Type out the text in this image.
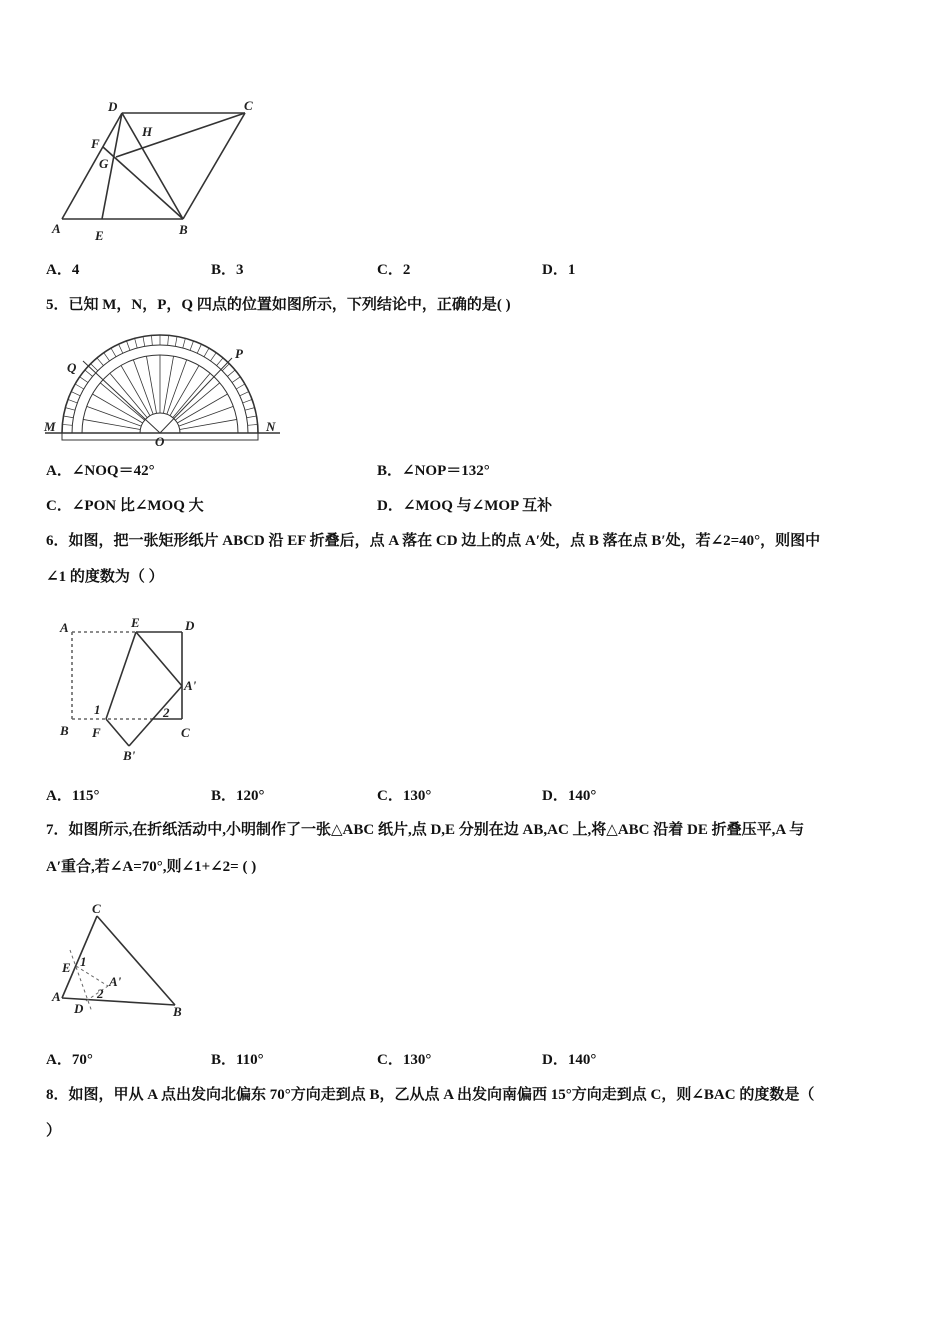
D	C
H
F
G
A	E	B
A．4	B．3	C．2	D．1
5．已知 M，N，P，Q 四点的位置如图所示，下列结论中，正确的是( )
M	N
Q
P
O
A．∠NOQ＝42°	B．∠NOP＝132°
C．∠PON 比∠MOQ 大	D．∠MOQ 与∠MOP 互补
6．如图，把一张矩形纸片 ABCD 沿 EF 折叠后，点 A 落在 CD 边上的点 A′处，点 B 落在点 B′处，若∠2=40°，则图中
∠1 的度数为（ ）
A	E	D
A'
B F	C
B'
1	2
A．115°	B．120°	C．130°	D．140°
7．如图所示,在折纸活动中,小明制作了一张△ABC 纸片,点 D,E 分别在边 AB,AC 上,将△ABC 沿着 DE 折叠压平,A 与
A′重合,若∠A=70°,则∠1+∠2= ( )
C
E 1
A'
2
A
D	B
A．70°	B．110°	C．130°	D．140°
8．如图，甲从 A 点出发向北偏东 70°方向走到点 B，乙从点 A 出发向南偏西 15°方向走到点 C，则∠BAC 的度数是（
）
